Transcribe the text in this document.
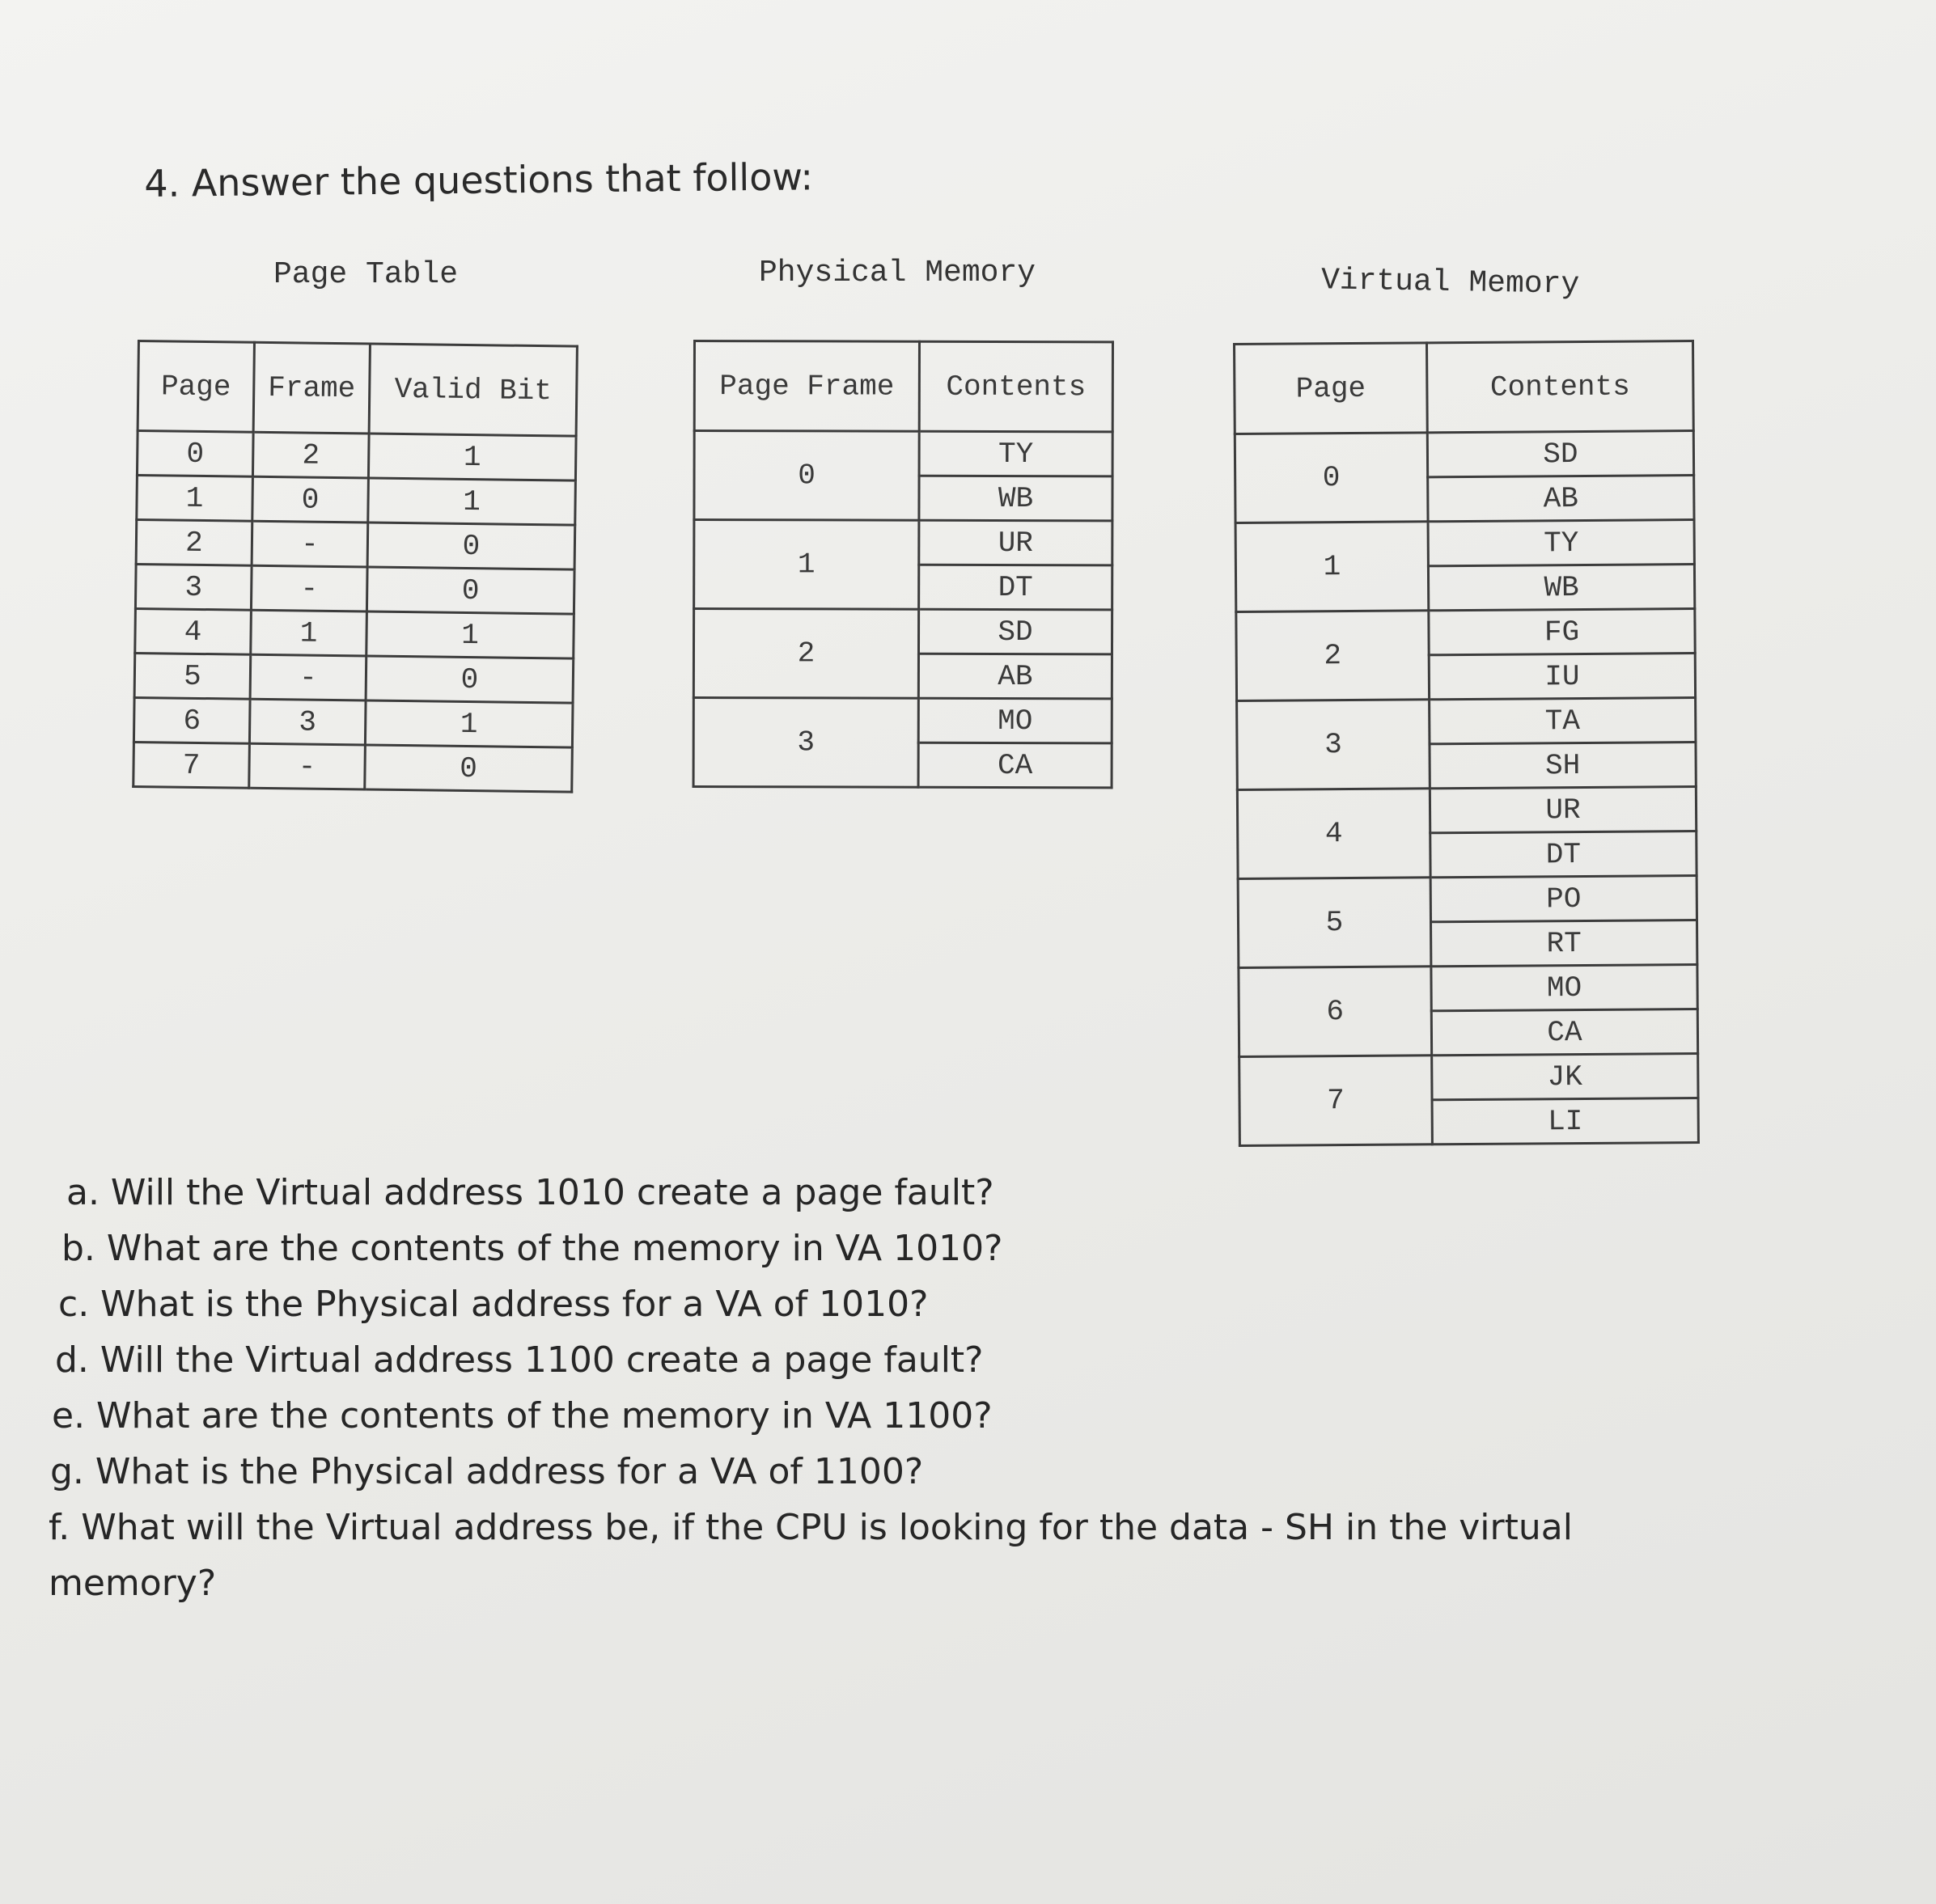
4. Answer the questions that follow:
Page Table
Page	Frame	Valid Bit
0	2	1
1	0	1
2	-	0
3	-	0
4	1	1
5	-	0
6	3	1
7	-	0
Physical Memory
Page Frame	Contents
0	TY
	WB
1	UR
	DT
2	SD
	AB
3	MO
	CA
Virtual Memory
Page	Contents
0	SD
	AB
1	TY
	WB
2	FG
	IU
3	TA
	SH
4	UR
	DT
5	PO
	RT
6	MO
	CA
7	JK
	LI
a. Will the Virtual address 1010 create a page fault?
b. What are the contents of the memory in VA 1010?
c. What is the Physical address for a VA of 1010?
d. Will the Virtual address 1100 create a page fault?
e. What are the contents of the memory in VA 1100?
g. What is the Physical address for a VA of 1100?
f. What will the Virtual address be, if the CPU is looking for the data - SH in the virtual memory?
